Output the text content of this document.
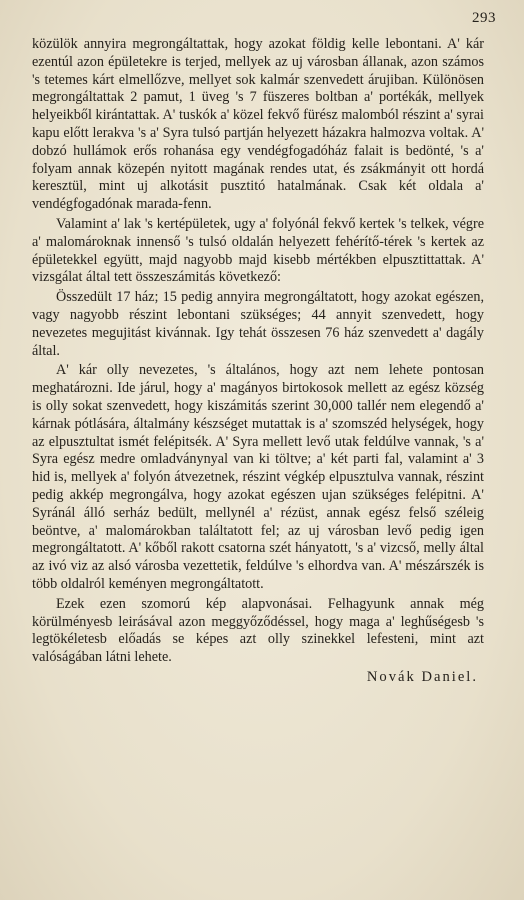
293

közülök annyira megrongáltattak, hogy azokat földig kelle lebontani. A' kár ezentúl azon épületekre is terjed, mellyek az uj városban állanak, azon számos 's tetemes kárt elmellőzve, mellyet sok kalmár szenvedett árujiban. Különösen megrongáltattak 2 pamut, 1 üveg 's 7 füszeres boltban a' portékák, mellyek helyeikből kirántattak. A' tuskók a' közel fekvő fürész malomból részint a' syrai kapu előtt lerakva 's a' Syra tulsó partján helyezett házakra halmozva voltak. A' dobzó hullámok erős rohanása egy vendégfogadóház falait is bedönté, 's a' folyam annak közepén nyitott magának rendes utat, és zsákmányit ott hordá keresztül, mint uj alkotásit pusztitó hatalmának. Csak két oldala a' vendégfogadónak marada-fenn.

Valamint a' lak 's kertépületek, ugy a' folyónál fekvő kertek 's telkek, végre a' malomároknak innenső 's tulsó oldalán helyezett fehérítő-térek 's kertek az épületekkel együtt, majd nagyobb majd kisebb mértékben elpusztittattak. A' vizsgálat által tett összeszámitás következő:

Összedült 17 ház; 15 pedig annyira megrongáltatott, hogy azokat egészen, vagy nagyobb részint lebontani szükséges; 44 annyit szenvedett, hogy nevezetes megujitást kivánnak. Igy tehát összesen 76 ház szenvedett a' dagály által.

A' kár olly nevezetes, 's általános, hogy azt nem lehete pontosan meghatározni. Ide járul, hogy a' magányos birtokosok mellett az egész község is olly sokat szenvedett, hogy kiszámitás szerint 30,000 tallér nem elegendő a' kárnak pótlására, általmány készséget mutattak is a' szomszéd helységek, hogy az elpusztultat ismét felépitsék. A' Syra mellett levő utak feldúlve vannak, 's a' Syra egész medre omladványnyal van ki töltve; a' két parti fal, valamint a' 3 hid is, mellyek a' folyón átvezetnek, részint végkép elpusztulva vannak, részint pedig akkép megrongálva, hogy azokat egészen ujan szükséges felépitni. A' Syránál álló serház bedült, mellynél a' rézüst, annak egész felső széleig beöntve, a' malomárokban találtatott fel; az uj városban levő pedig igen megrongáltatott. A' kőből rakott csatorna szét hányatott, 's a' vizcső, melly által az ivó viz az alsó városba vezettetik, feldúlve 's elhordva van. A' mészárszék is több oldalról keményen megrongáltatott.

Ezek ezen szomorú kép alapvonásai. Felhagyunk annak még körülményesb leirásával azon meggyőződéssel, hogy maga a' legh​űségesb 's legtökéletesb előadás se képes azt olly szinekkel lefesteni, mint azt valóságában látni lehete.

Novák Daniel.
